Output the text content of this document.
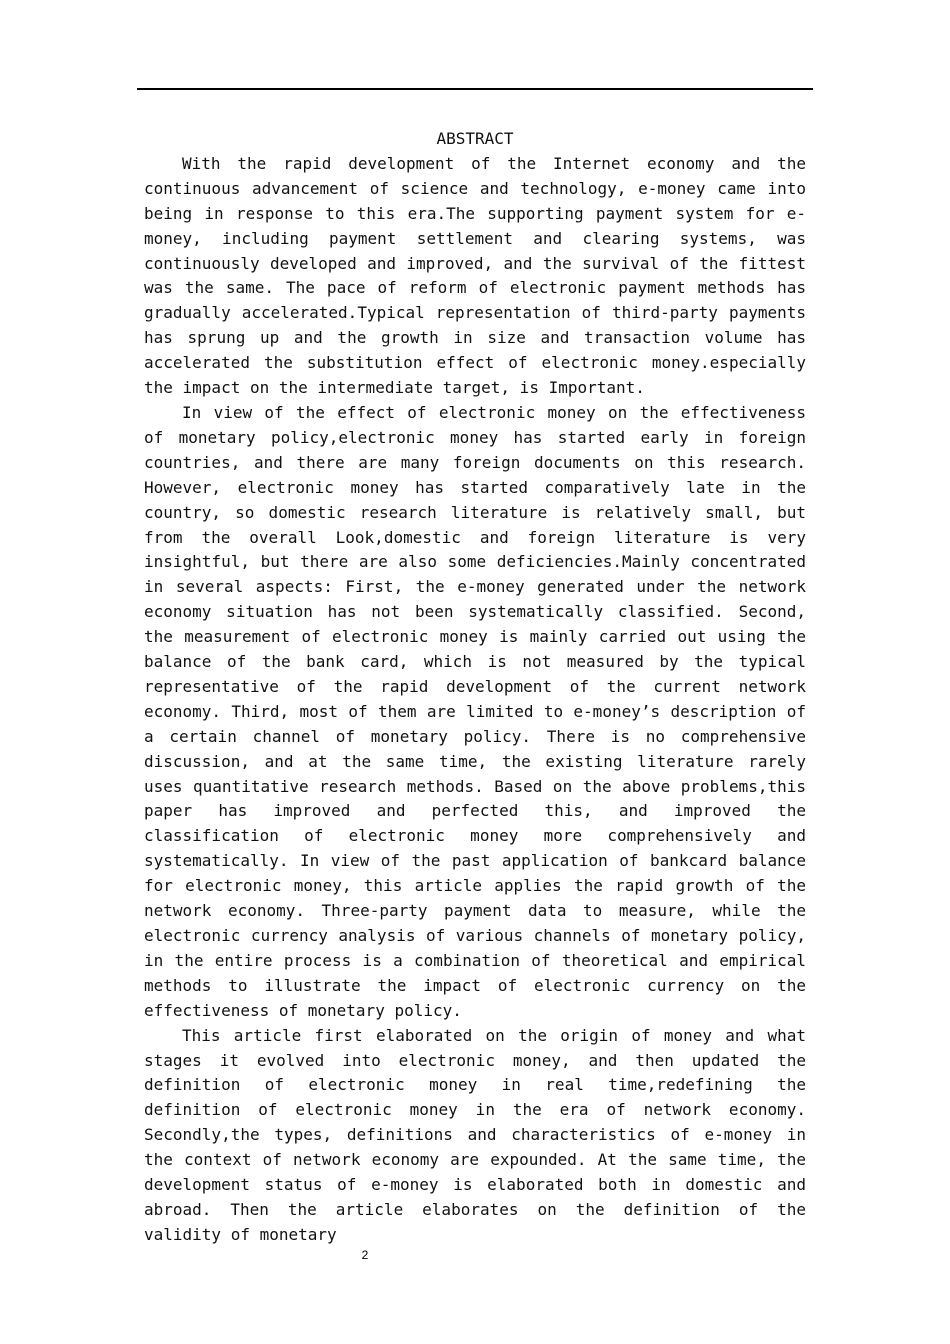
ABSTRACT

With the rapid development of the Internet economy and the continuous advancement of science and technology, e-money came into being in response to this era.The supporting payment system for e-money, including payment settlement and clearing systems, was continuously developed and improved, and the survival of the fittest was the same. The pace of reform of electronic payment methods has gradually accelerated.Typical representation of third-party payments has sprung up and the growth in size and transaction volume has accelerated the substitution effect of electronic money.especially the impact on the intermediate target, is Important.

In view of the effect of electronic money on the effectiveness of monetary policy,electronic money has started early in foreign countries, and there are many foreign documents on this research. However, electronic money has started comparatively late in the country, so domestic research literature is relatively small, but from the overall Look,domestic and foreign literature is very insightful, but there are also some deficiencies.Mainly concentrated in several aspects: First, the e-money generated under the network economy situation has not been systematically classified. Second, the measurement of electronic money is mainly carried out using the balance of the bank card, which is not measured by the typical representative of the rapid development of the current network economy. Third, most of them are limited to e-money’s description of a certain channel of monetary policy. There is no comprehensive discussion, and at the same time, the existing literature rarely uses quantitative research methods. Based on the above problems,this paper has improved and perfected this, and improved the classification of electronic money more comprehensively and systematically. In view of the past application of bankcard balance for electronic money, this article applies the rapid growth of the network economy. Three-party payment data to measure, while the electronic currency analysis of various channels of monetary policy, in the entire process is a combination of theoretical and empirical methods to illustrate the impact of electronic currency on the effectiveness of monetary policy.

This article first elaborated on the origin of money and what stages it evolved into electronic money, and then updated the definition of electronic money in real time,redefining the definition of electronic money in the era of network economy. Secondly,the types, definitions and characteristics of e-money in the context of network economy are expounded. At the same time, the development status of e-money is elaborated both in domestic and abroad. Then the article elaborates on the definition of the validity of monetary

2
